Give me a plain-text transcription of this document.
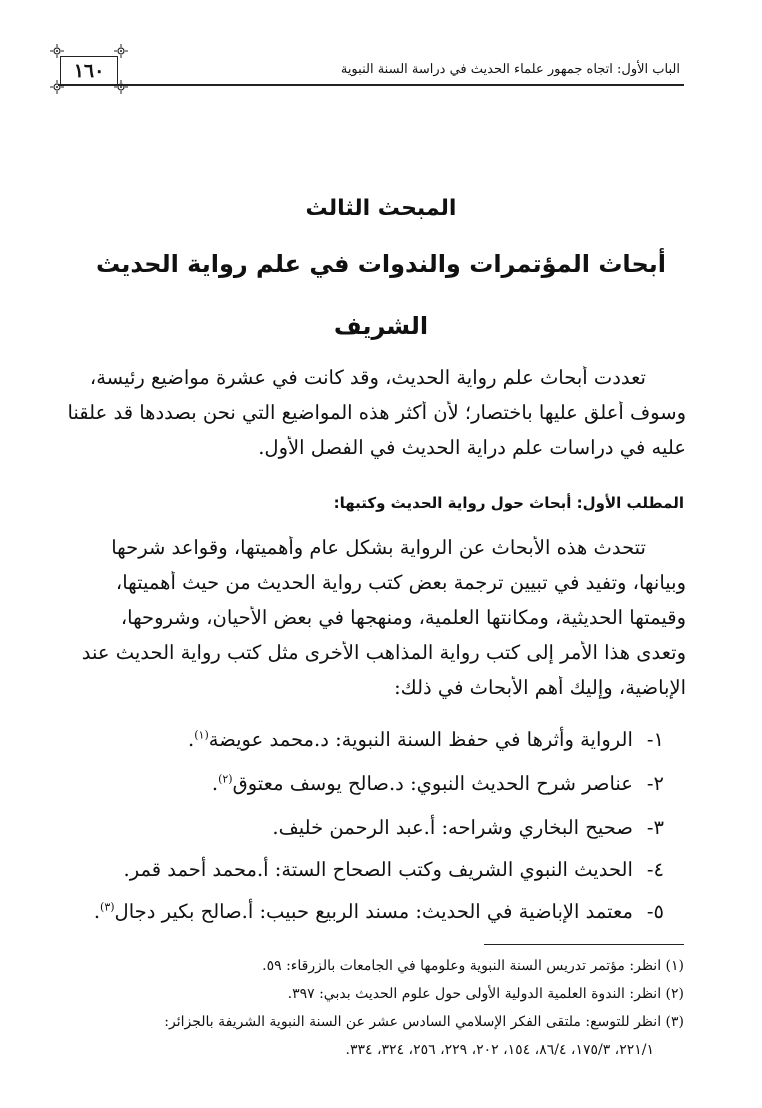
١٦٠	الباب الأول: اتجاه جمهور علماء الحديث في دراسة السنة النبوية
المبحث الثالث
أبحاث المؤتمرات والندوات في علم رواية الحديث
الشريف
تعددت أبحاث علم رواية الحديث، وقد كانت في عشرة مواضيع رئيسة،
وسوف أعلق عليها باختصار؛ لأن أكثر هذه المواضيع التي نحن بصددها قد علقنا
عليه في دراسات علم دراية الحديث في الفصل الأول.
المطلب الأول: أبحاث حول رواية الحديث وكتبها:
تتحدث هذه الأبحاث عن الرواية بشكل عام وأهميتها، وقواعد شرحها
وبيانها، وتفيد في تبيين ترجمة بعض كتب رواية الحديث من حيث أهميتها،
وقيمتها الحديثية، ومكانتها العلمية، ومنهجها في بعض الأحيان، وشروحها،
وتعدى هذا الأمر إلى كتب رواية المذاهب الأخرى مثل كتب رواية الحديث عند
الإباضية، وإليك أهم الأبحاث في ذلك:
١-الرواية وأثرها في حفظ السنة النبوية: د.محمد عويضة$^{(١)}$.
٢-عناصر شرح الحديث النبوي: د.صالح يوسف معتوق$^{(٢)}$.
٣-صحيح البخاري وشراحه: أ.عبد الرحمن خليف.
٤-الحديث النبوي الشريف وكتب الصحاح الستة: أ.محمد أحمد قمر.
٥-معتمد الإباضية في الحديث: مسند الربيع حبيب: أ.صالح بكير دجال$^{(٣)}$.
(١) انظر: مؤتمر تدريس السنة النبوية وعلومها في الجامعات بالزرقاء: ٥٩.
(٢) انظر: الندوة العلمية الدولية الأولى حول علوم الحديث بدبي: ٣٩٧.
(٣) انظر للتوسع: ملتقى الفكر الإسلامي السادس عشر عن السنة النبوية الشريفة بالجزائر:
٢٢١/١، ١٧٥/٣، ٨٦/٤، ١٥٤، ٢٠٢، ٢٢٩، ٢٥٦، ٣٢٤، ٣٣٤.
